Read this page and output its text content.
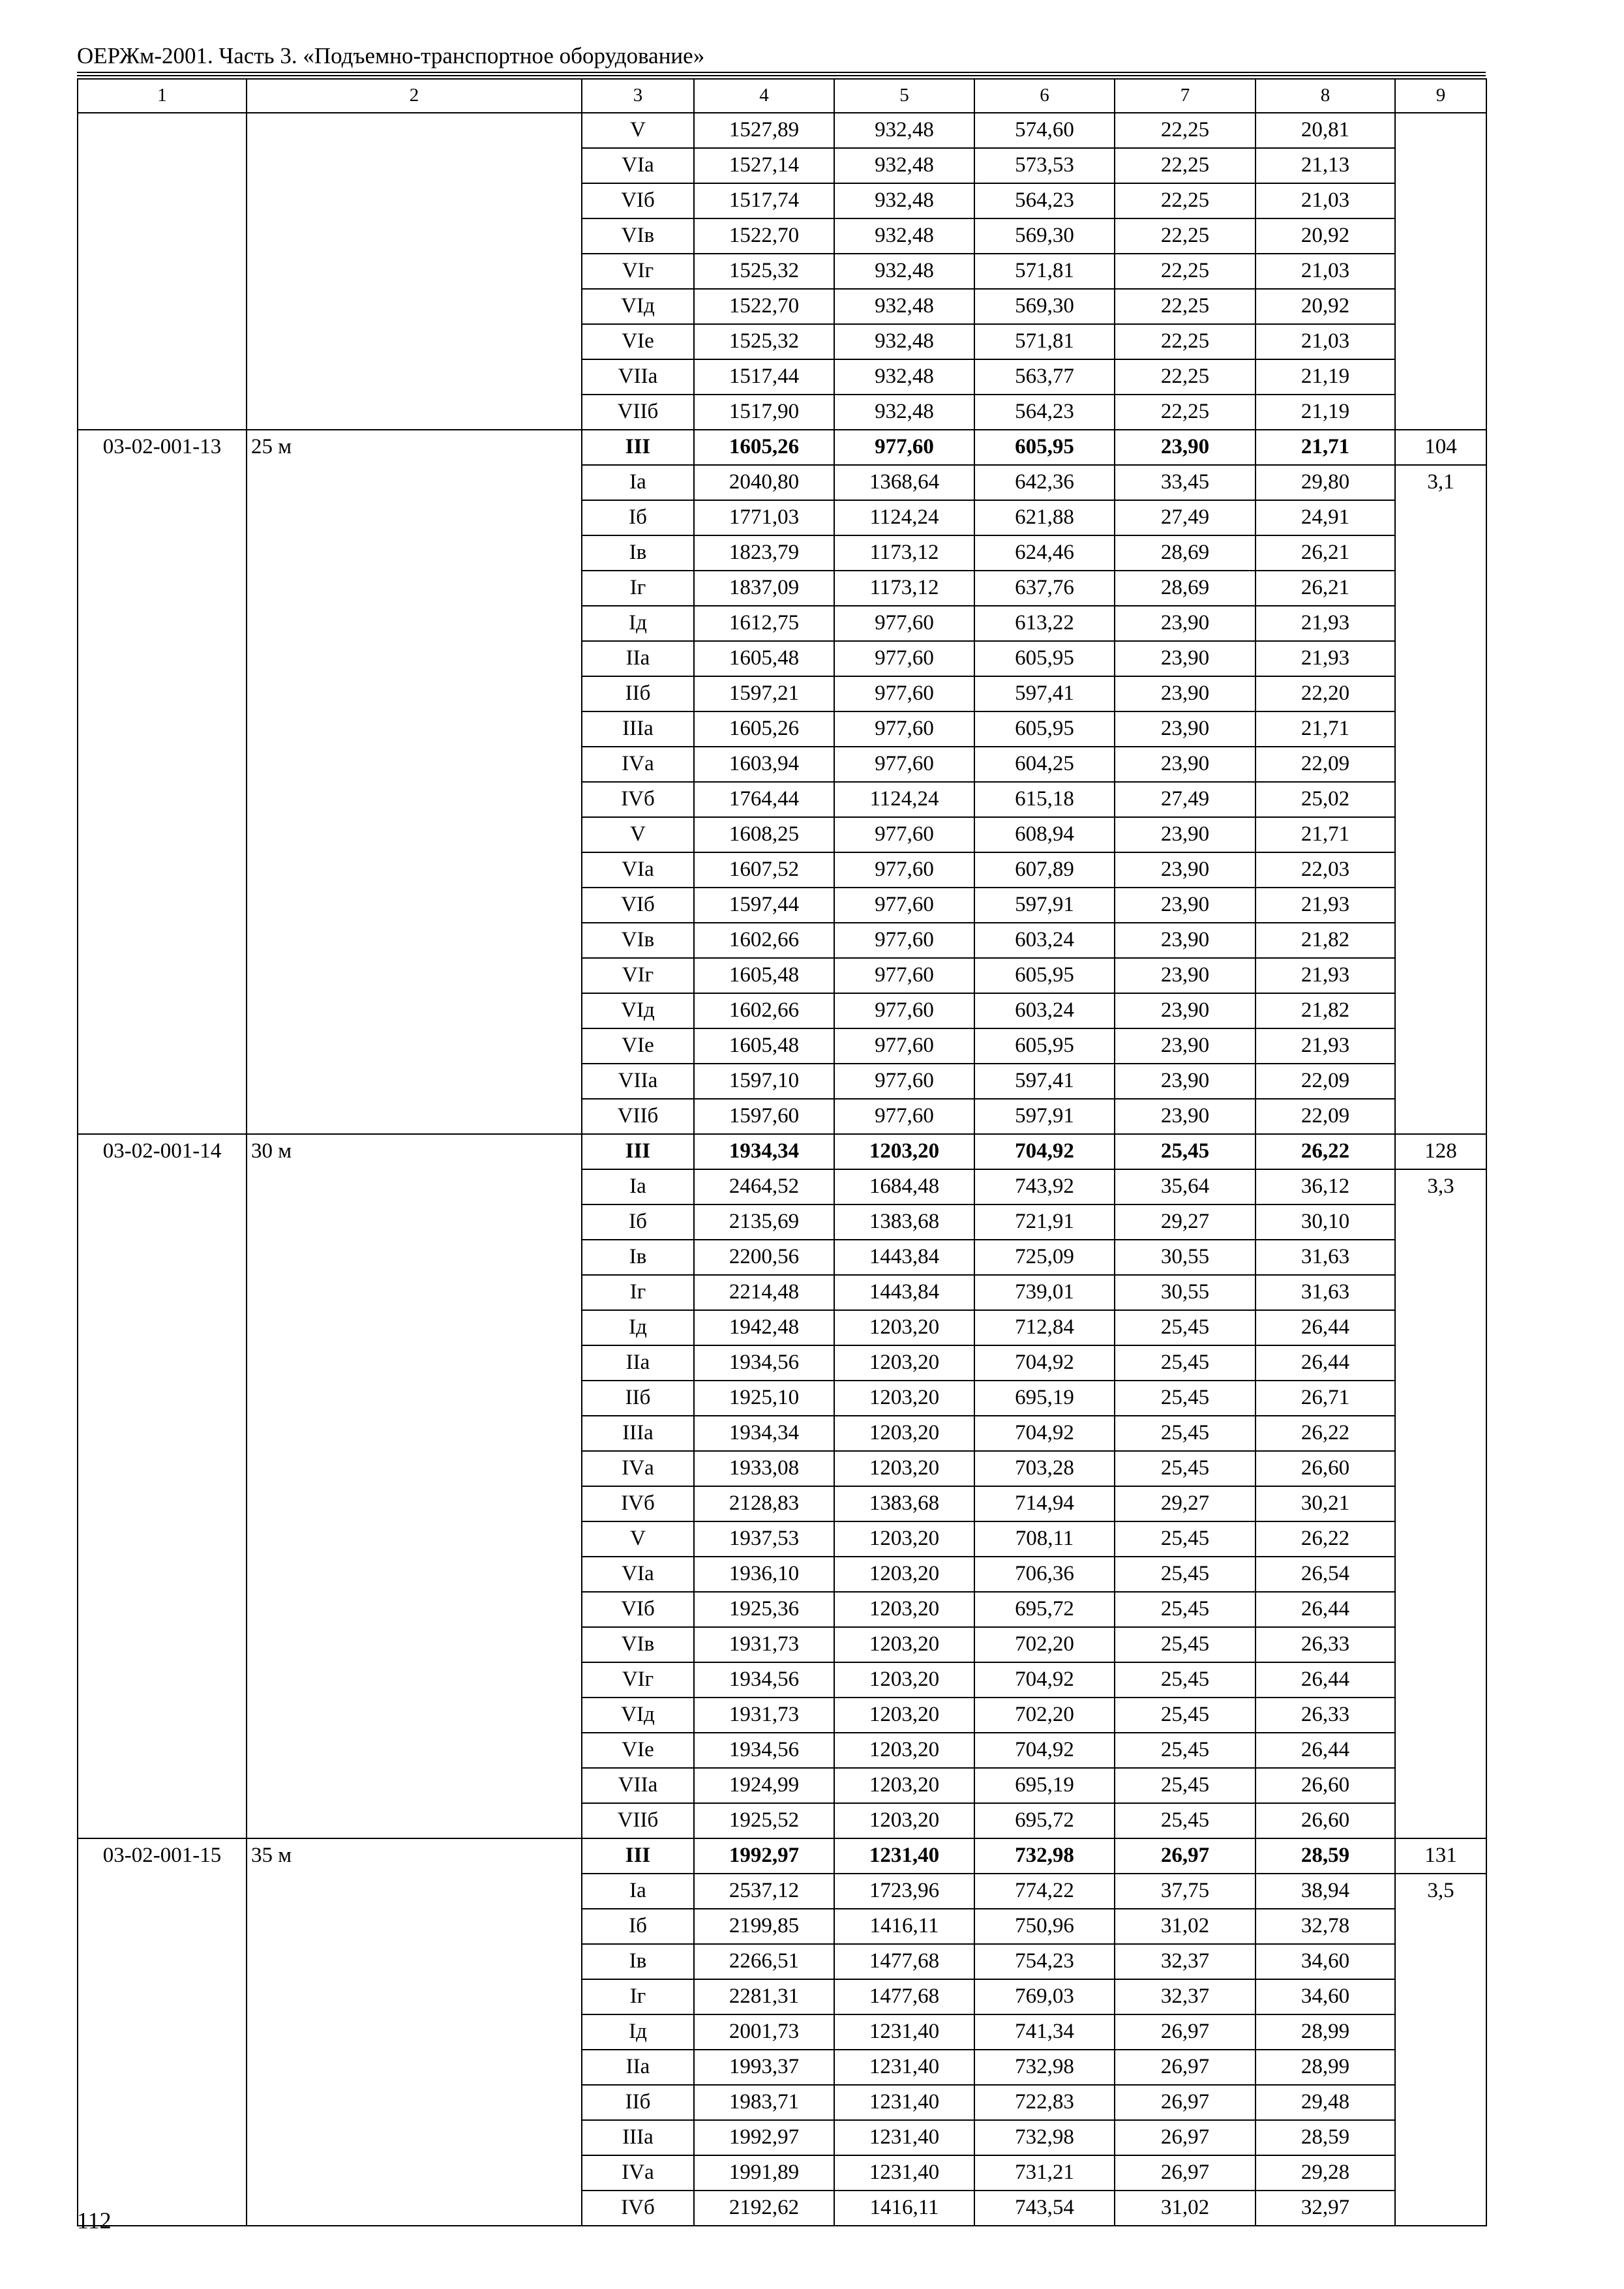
ОЕРЖм-2001. Часть 3. «Подъемно-транспортное оборудование»
1	2	3	4	5	6	7	8	9
		V	1527,89	932,48	574,60	22,25	20,81	
		VIа	1527,14	932,48	573,53	22,25	21,13	
		VIб	1517,74	932,48	564,23	22,25	21,03	
		VIв	1522,70	932,48	569,30	22,25	20,92	
		VIг	1525,32	932,48	571,81	22,25	21,03	
		VIд	1522,70	932,48	569,30	22,25	20,92	
		VIе	1525,32	932,48	571,81	22,25	21,03	
		VIIа	1517,44	932,48	563,77	22,25	21,19	
		VIIб	1517,90	932,48	564,23	22,25	21,19	
03-02-001-13	25 м	III	1605,26	977,60	605,95	23,90	21,71	104
		Iа	2040,80	1368,64	642,36	33,45	29,80	3,1
		Iб	1771,03	1124,24	621,88	27,49	24,91	
		Iв	1823,79	1173,12	624,46	28,69	26,21	
		Iг	1837,09	1173,12	637,76	28,69	26,21	
		Iд	1612,75	977,60	613,22	23,90	21,93	
		IIа	1605,48	977,60	605,95	23,90	21,93	
		IIб	1597,21	977,60	597,41	23,90	22,20	
		IIIа	1605,26	977,60	605,95	23,90	21,71	
		IVа	1603,94	977,60	604,25	23,90	22,09	
		IVб	1764,44	1124,24	615,18	27,49	25,02	
		V	1608,25	977,60	608,94	23,90	21,71	
		VIа	1607,52	977,60	607,89	23,90	22,03	
		VIб	1597,44	977,60	597,91	23,90	21,93	
		VIв	1602,66	977,60	603,24	23,90	21,82	
		VIг	1605,48	977,60	605,95	23,90	21,93	
		VIд	1602,66	977,60	603,24	23,90	21,82	
		VIе	1605,48	977,60	605,95	23,90	21,93	
		VIIа	1597,10	977,60	597,41	23,90	22,09	
		VIIб	1597,60	977,60	597,91	23,90	22,09	
03-02-001-14	30 м	III	1934,34	1203,20	704,92	25,45	26,22	128
		Iа	2464,52	1684,48	743,92	35,64	36,12	3,3
		Iб	2135,69	1383,68	721,91	29,27	30,10	
		Iв	2200,56	1443,84	725,09	30,55	31,63	
		Iг	2214,48	1443,84	739,01	30,55	31,63	
		Iд	1942,48	1203,20	712,84	25,45	26,44	
		IIа	1934,56	1203,20	704,92	25,45	26,44	
		IIб	1925,10	1203,20	695,19	25,45	26,71	
		IIIа	1934,34	1203,20	704,92	25,45	26,22	
		IVа	1933,08	1203,20	703,28	25,45	26,60	
		IVб	2128,83	1383,68	714,94	29,27	30,21	
		V	1937,53	1203,20	708,11	25,45	26,22	
		VIа	1936,10	1203,20	706,36	25,45	26,54	
		VIб	1925,36	1203,20	695,72	25,45	26,44	
		VIв	1931,73	1203,20	702,20	25,45	26,33	
		VIг	1934,56	1203,20	704,92	25,45	26,44	
		VIд	1931,73	1203,20	702,20	25,45	26,33	
		VIе	1934,56	1203,20	704,92	25,45	26,44	
		VIIа	1924,99	1203,20	695,19	25,45	26,60	
		VIIб	1925,52	1203,20	695,72	25,45	26,60	
03-02-001-15	35 м	III	1992,97	1231,40	732,98	26,97	28,59	131
		Iа	2537,12	1723,96	774,22	37,75	38,94	3,5
		Iб	2199,85	1416,11	750,96	31,02	32,78	
		Iв	2266,51	1477,68	754,23	32,37	34,60	
		Iг	2281,31	1477,68	769,03	32,37	34,60	
		Iд	2001,73	1231,40	741,34	26,97	28,99	
		IIа	1993,37	1231,40	732,98	26,97	28,99	
		IIб	1983,71	1231,40	722,83	26,97	29,48	
		IIIа	1992,97	1231,40	732,98	26,97	28,59	
		IVа	1991,89	1231,40	731,21	26,97	29,28	
		IVб	2192,62	1416,11	743,54	31,02	32,97	
112
